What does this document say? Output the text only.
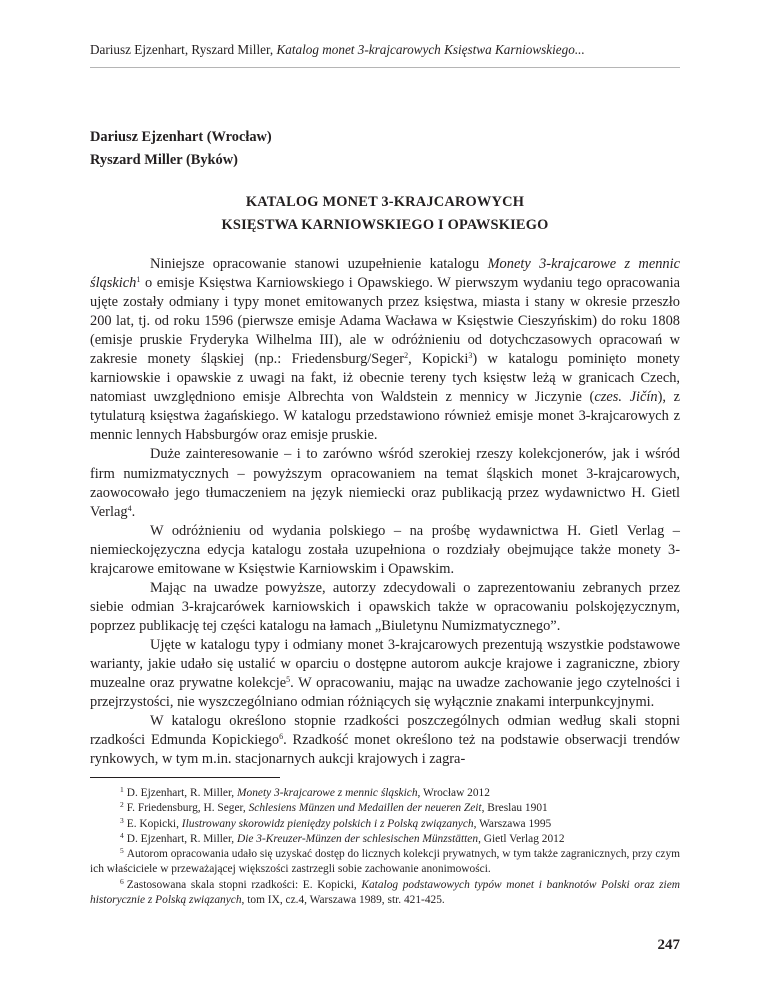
Dariusz Ejzenhart, Ryszard Miller, Katalog monet 3-krajcarowych Księstwa Karniowskiego...
Dariusz Ejzenhart (Wrocław)
Ryszard Miller (Byków)
KATALOG MONET 3-KRAJCAROWYCH
KSIĘSTWA KARNIOWSKIEGO I OPAWSKIEGO

Niniejsze opracowanie stanowi uzupełnienie katalogu Monety 3-krajcarowe z mennic śląskich$^1$ o emisje Księstwa Karniowskiego i Opawskiego. W pierwszym wydaniu tego opracowania ujęte zostały odmiany i typy monet emitowanych przez księstwa, miasta i stany w okresie przeszło 200 lat, tj. od roku 1596 (pierwsze emisje Adama Wacława w Księstwie Cieszyńskim) do roku 1808 (emisje pruskie Fryderyka Wilhelma III), ale w odróżnieniu od dotychczasowych opracowań w zakresie monety śląskiej (np.: Friedensburg/Seger$^2$, Kopicki$^3$) w katalogu pominięto monety karniowskie i opawskie z uwagi na fakt, iż obecnie tereny tych księstw leżą w granicach Czech, natomiast uwzględniono emisje Albrechta von Waldstein z mennicy w Jiczynie (czes. Jičín), z tytulaturą księstwa żagańskiego. W katalogu przedstawiono również emisje monet 3-krajcarowych z mennic lennych Habsburgów oraz emisje pruskie.

Duże zainteresowanie – i to zarówno wśród szerokiej rzeszy kolekcjonerów, jak i wśród firm numizmatycznych – powyższym opracowaniem na temat śląskich monet 3-krajcarowych, zaowocowało jego tłumaczeniem na język niemiecki oraz publikacją przez wydawnictwo H. Gietl Verlag$^4$.

W odróżnieniu od wydania polskiego – na prośbę wydawnictwa H. Gietl Verlag – niemieckojęzyczna edycja katalogu została uzupełniona o rozdziały obejmujące także monety 3-krajcarowe emitowane w Księstwie Karniowskim i Opawskim.

Mając na uwadze powyższe, autorzy zdecydowali o zaprezentowaniu zebranych przez siebie odmian 3-krajcarówek karniowskich i opawskich także w opracowaniu polskojęzycznym, poprzez publikację tej części katalogu na łamach „Biuletynu Numizmatycznego”.

Ujęte w katalogu typy i odmiany monet 3-krajcarowych prezentują wszystkie podstawowe warianty, jakie udało się ustalić w oparciu o dostępne autorom aukcje krajowe i zagraniczne, zbiory muzealne oraz prywatne kolekcje$^5$. W opracowaniu, mając na uwadze zachowanie jego czytelności i przejrzystości, nie wyszczególniano odmian różniących się wyłącznie znakami interpunkcyjnymi.

W katalogu określono stopnie rzadkości poszczególnych odmian według skali stopni rzadkości Edmunda Kopickiego$^6$. Rzadkość monet określono też na podstawie obserwacji trendów rynkowych, w tym m.in. stacjonarnych aukcji krajowych i zagra-

$^1$ D. Ejzenhart, R. Miller, Monety 3-krajcarowe z mennic śląskich, Wrocław 2012

$^2$ F. Friedensburg, H. Seger, Schlesiens Münzen und Medaillen der neueren Zeit, Breslau 1901

$^3$ E. Kopicki, Ilustrowany skorowidz pieniędzy polskich i z Polską związanych, Warszawa 1995

$^4$ D. Ejzenhart, R. Miller, Die 3-Kreuzer-Münzen der schlesischen Münzstätten, Gietl Verlag 2012

$^5$ Autorom opracowania udało się uzyskać dostęp do licznych kolekcji prywatnych, w tym także zagranicznych, przy czym ich właściciele w przeważającej większości zastrzegli sobie zachowanie anonimowości.

$^6$ Zastosowana skala stopni rzadkości: E. Kopicki, Katalog podstawowych typów monet i banknotów Polski oraz ziem historycznie z Polską związanych, tom IX, cz.4, Warszawa 1989, str. 421-425.

247
